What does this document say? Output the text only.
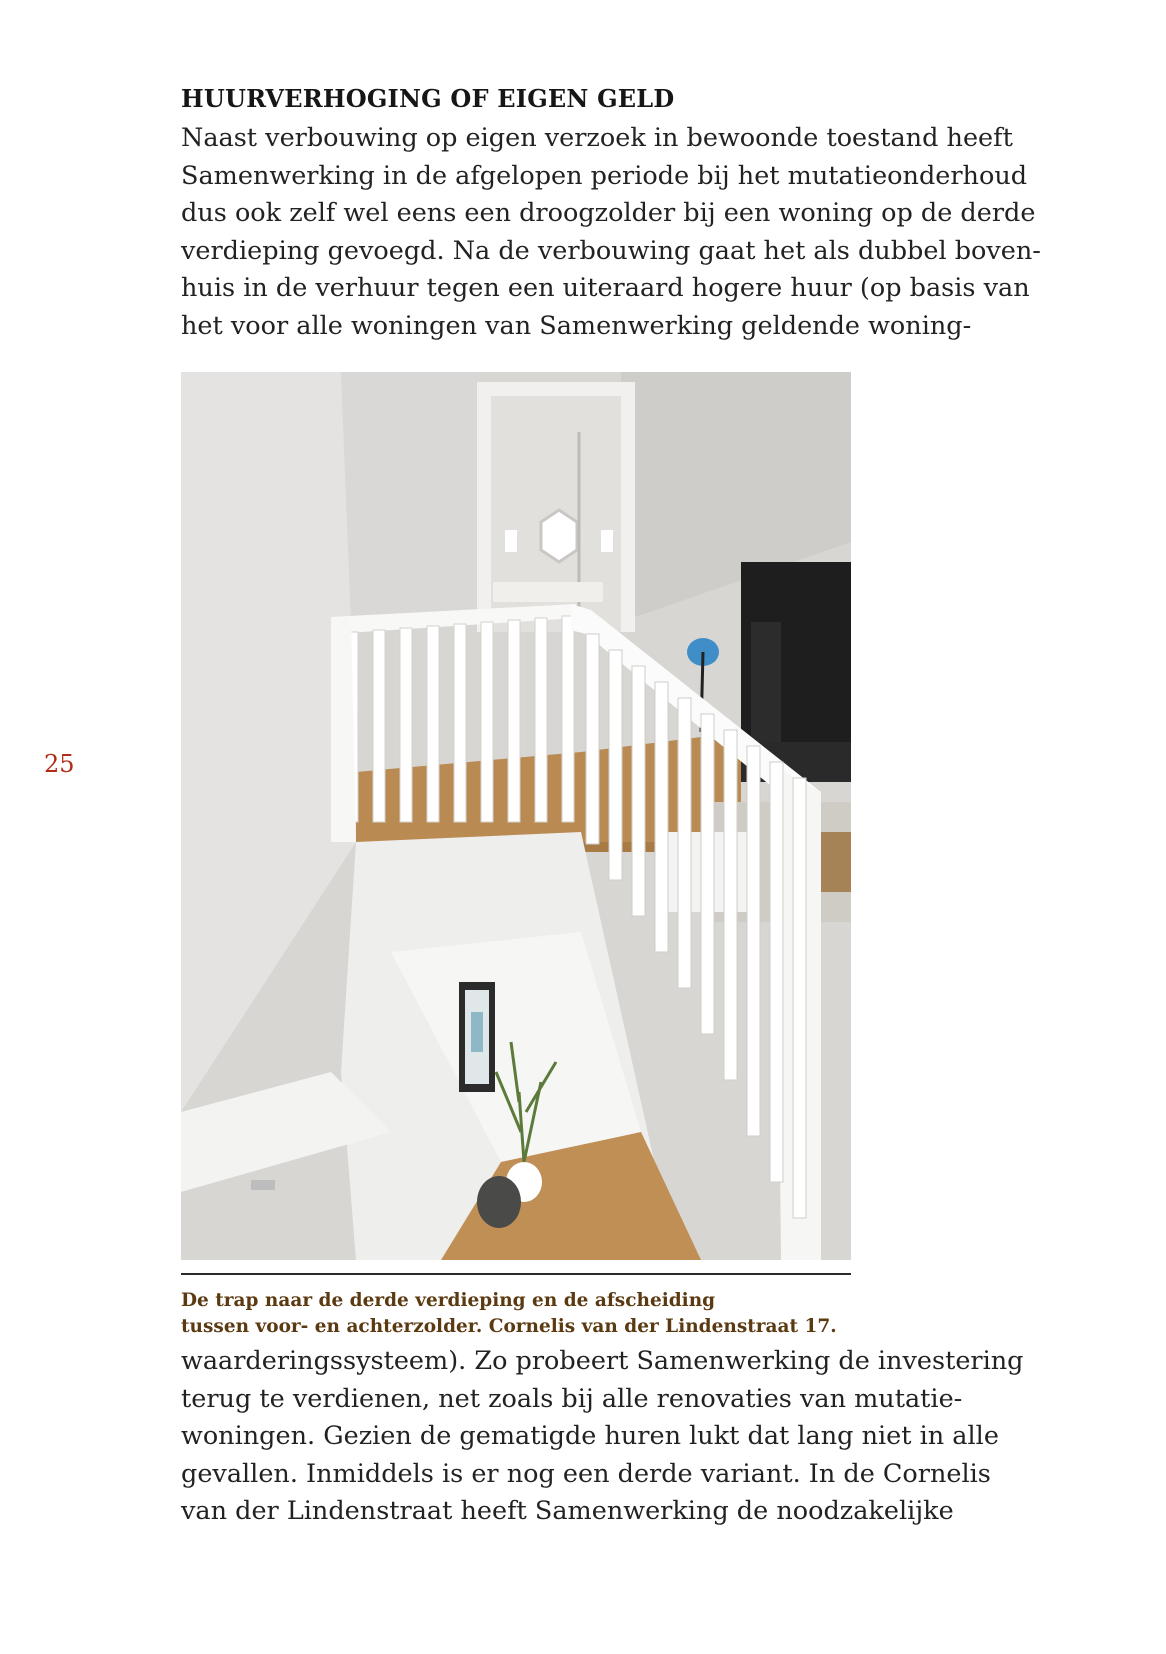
HUURVERHOGING OF EIGEN GELD

Naast verbouwing op eigen verzoek in bewoonde toestand heeft
Samenwerking in de afgelopen periode bij het mutatieonderhoud
dus ook zelf wel eens een droogzolder bij een woning op de derde
verdieping gevoegd. Na de verbouwing gaat het als dubbel boven-
huis in de verhuur tegen een uiteraard hogere huur (op basis van
het voor alle woningen van Samenwerking geldende woning-

25

De trap naar de derde verdieping en de afscheiding
tussen voor- en achterzolder. Cornelis van der Lindenstraat 17.

waarderingssysteem). Zo probeert Samenwerking de investering
terug te verdienen, net zoals bij alle renovaties van mutatie-
woningen. Gezien de gematigde huren lukt dat lang niet in alle
gevallen. Inmiddels is er nog een derde variant. In de Cornelis
van der Lindenstraat heeft Samenwerking de noodzakelijke
